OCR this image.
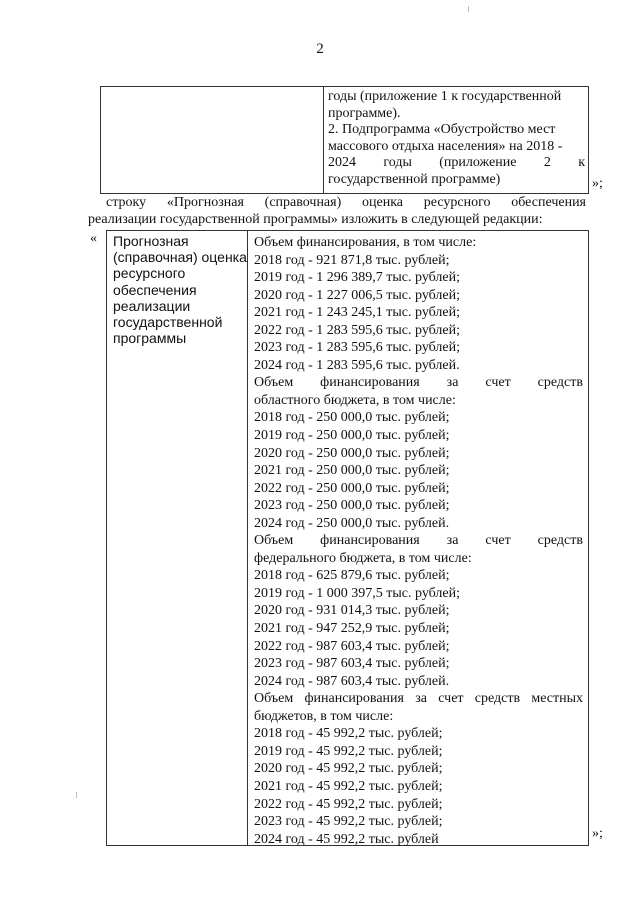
2
годы (приложение 1 к государственной
программе).
2. Подпрограмма «Обустройство мест
массового отдыха населения» на 2018 -
2024 годы (приложение 2 к
государственной программе)	»;
строку «Прогнозная (справочная) оценка ресурсного обеспечения
реализации государственной программы» изложить в следующей редакции:
« Прогнозная
(справочная) оценка
ресурсного
обеспечения
реализации
государственной
программы
Объем финансирования, в том числе:
2018 год - 921 871,8 тыс. рублей;
2019 год - 1 296 389,7 тыс. рублей;
2020 год - 1 227 006,5 тыс. рублей;
2021 год - 1 243 245,1 тыс. рублей;
2022 год - 1 283 595,6 тыс. рублей;
2023 год - 1 283 595,6 тыс. рублей;
2024 год - 1 283 595,6 тыс. рублей.
Объем финансирования за счет средств
областного бюджета, в том числе:
2018 год - 250 000,0 тыс. рублей;
2019 год - 250 000,0 тыс. рублей;
2020 год - 250 000,0 тыс. рублей;
2021 год - 250 000,0 тыс. рублей;
2022 год - 250 000,0 тыс. рублей;
2023 год - 250 000,0 тыс. рублей;
2024 год - 250 000,0 тыс. рублей.
Объем финансирования за счет средств
федерального бюджета, в том числе:
2018 год - 625 879,6 тыс. рублей;
2019 год - 1 000 397,5 тыс. рублей;
2020 год - 931 014,3 тыс. рублей;
2021 год - 947 252,9 тыс. рублей;
2022 год - 987 603,4 тыс. рублей;
2023 год - 987 603,4 тыс. рублей;
2024 год - 987 603,4 тыс. рублей.
Объем финансирования за счет средств местных
бюджетов, в том числе:
2018 год - 45 992,2 тыс. рублей;
2019 год - 45 992,2 тыс. рублей;
2020 год - 45 992,2 тыс. рублей;
2021 год - 45 992,2 тыс. рублей;
2022 год - 45 992,2 тыс. рублей;
2023 год - 45 992,2 тыс. рублей;
2024 год - 45 992,2 тыс. рублей	»;
